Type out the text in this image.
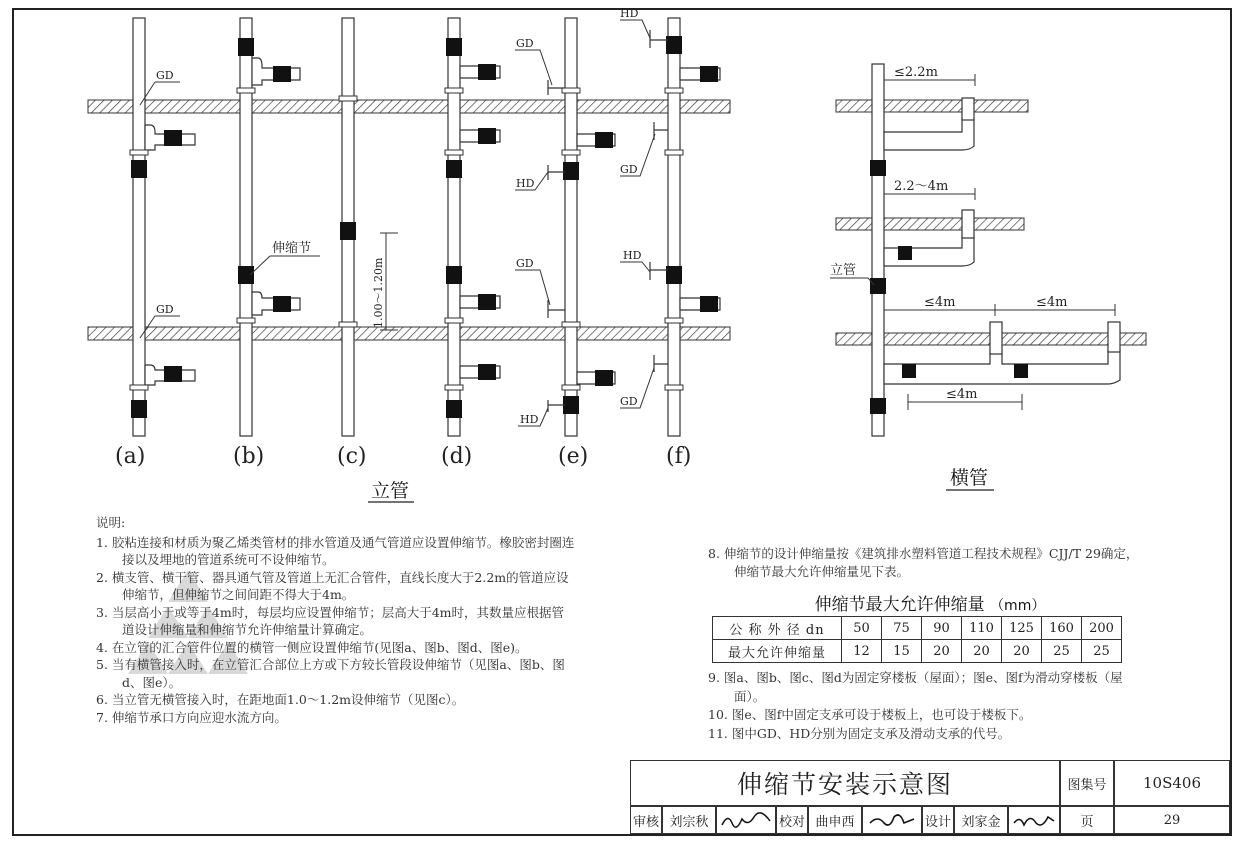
GD
GD
伸缩节
GD
GD
HD
HD
HD
HD
GD
GD
1.00～1.20m
≤2.2m
2.2～4m
≤4m	≤4m
≤4m
立管
(a)	(b)	(c)	(d)	(e)	(f)
立管
横管
说明:
1. 胶粘连接和材质为聚乙烯类管材的排水管道及通气管道应设置伸缩节。橡胶密封圈连接以及埋地的管道系统可不设伸缩节。
2. 横支管、横干管、器具通气管及管道上无汇合管件，直线长度大于2.2m的管道应设伸缩节，但伸缩节之间间距不得大于4m。
3. 当层高小于或等于4m时，每层均应设置伸缩节；层高大于4m时，其数量应根据管道设计伸缩量和伸缩节允许伸缩量计算确定。
4. 在立管的汇合管件位置的横管一侧应设置伸缩节(见图a、图b、图d、图e)。
5. 当有横管接入时，在立管汇合部位上方或下方较长管段设伸缩节（见图a、图b、图d、图e）。
6. 当立管无横管接入时，在距地面1.0～1.2m设伸缩节（见图c）。
7. 伸缩节承口方向应迎水流方向。
8. 伸缩节的设计伸缩量按《建筑排水塑料管道工程技术规程》CJJ/T 29确定，伸缩节最大允许伸缩量见下表。
伸缩节最大允许伸缩量 （mm）
公 称 外 径 dn	50	75	90	110	125	160	200
最大允许伸缩量	12	15	20	20	20	25	25
9. 图a、图b、图c、图d为固定穿楼板（屋面）；图e、图f为滑动穿楼板（屋面）。
10. 图e、图f中固定支承可设于楼板上，也可设于楼板下。
11. 图中GD、HD分别为固定支承及滑动支承的代号。
伸缩节安装示意图	图集号	10S406
审核 刘宗秋	校对 曲申西	设计 刘家金	页	29
